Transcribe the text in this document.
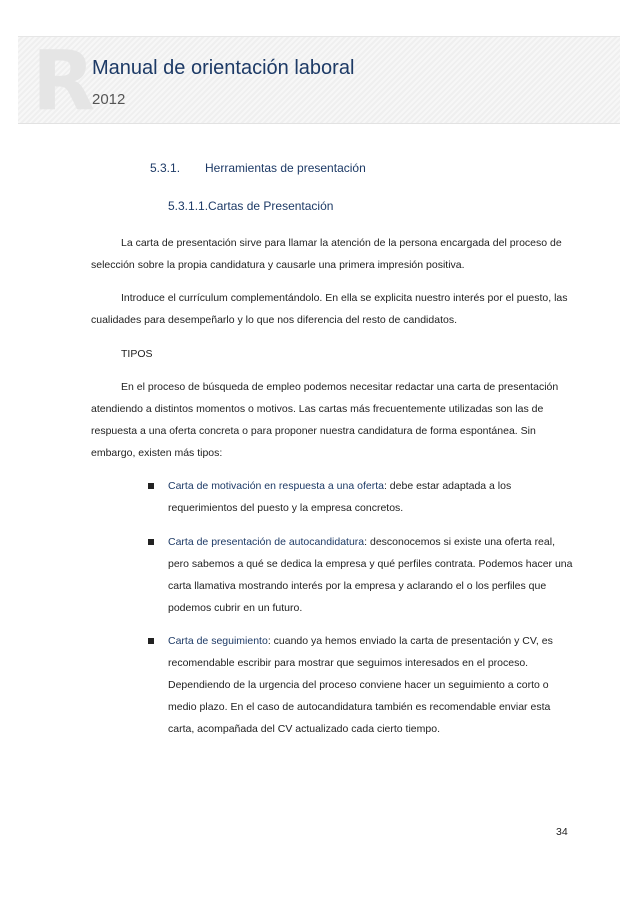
R
Manual de orientación laboral
2012
5.3.1. Herramientas de presentación
5.3.1.1.Cartas de Presentación

La carta de presentación sirve para llamar la atención de la persona encargada del proceso de selección sobre la propia candidatura y causarle una primera impresión positiva.

Introduce el currículum complementándolo. En ella se explicita nuestro interés por el puesto, las cualidades para desempeñarlo y lo que nos diferencia del resto de candidatos.

TIPOS

En el proceso de búsqueda de empleo podemos necesitar redactar una carta de presentación atendiendo a distintos momentos o motivos. Las cartas más frecuentemente utilizadas son las de respuesta a una oferta concreta o para proponer nuestra candidatura de forma espontánea. Sin embargo, existen más tipos:

Carta de motivación en respuesta a una oferta: debe estar adaptada a los requerimientos del puesto y la empresa concretos.
Carta de presentación de autocandidatura: desconocemos si existe una oferta real, pero sabemos a qué se dedica la empresa y qué perfiles contrata. Podemos hacer una carta llamativa mostrando interés por la empresa y aclarando el o los perfiles que podemos cubrir en un futuro.
Carta de seguimiento: cuando ya hemos enviado la carta de presentación y CV, es recomendable escribir para mostrar que seguimos interesados en el proceso. Dependiendo de la urgencia del proceso conviene hacer un seguimiento a corto o medio plazo. En el caso de autocandidatura también es recomendable enviar esta carta, acompañada del CV actualizado cada cierto tiempo.
34
